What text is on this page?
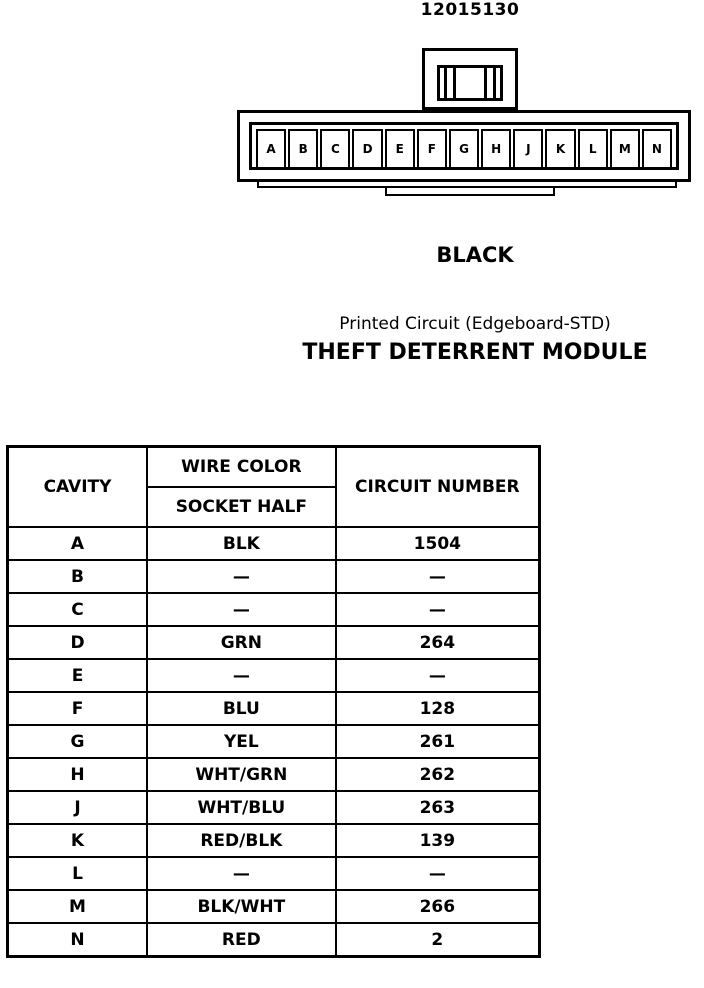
12015130
A	B	C	D	E	F	G	H	J	K	L	M	N
BLACK
Printed Circuit (Edgeboard-STD)
THEFT DETERRENT MODULE
CAVITY	WIRE COLOR	CIRCUIT NUMBER
	SOCKET HALF	
A	BLK	1504
B	—	—
C	—	—
D	GRN	264
E	—	—
F	BLU	128
G	YEL	261
H	WHT/GRN	262
J	WHT/BLU	263
K	RED/BLK	139
L	—	—
M	BLK/WHT	266
N	RED	2
